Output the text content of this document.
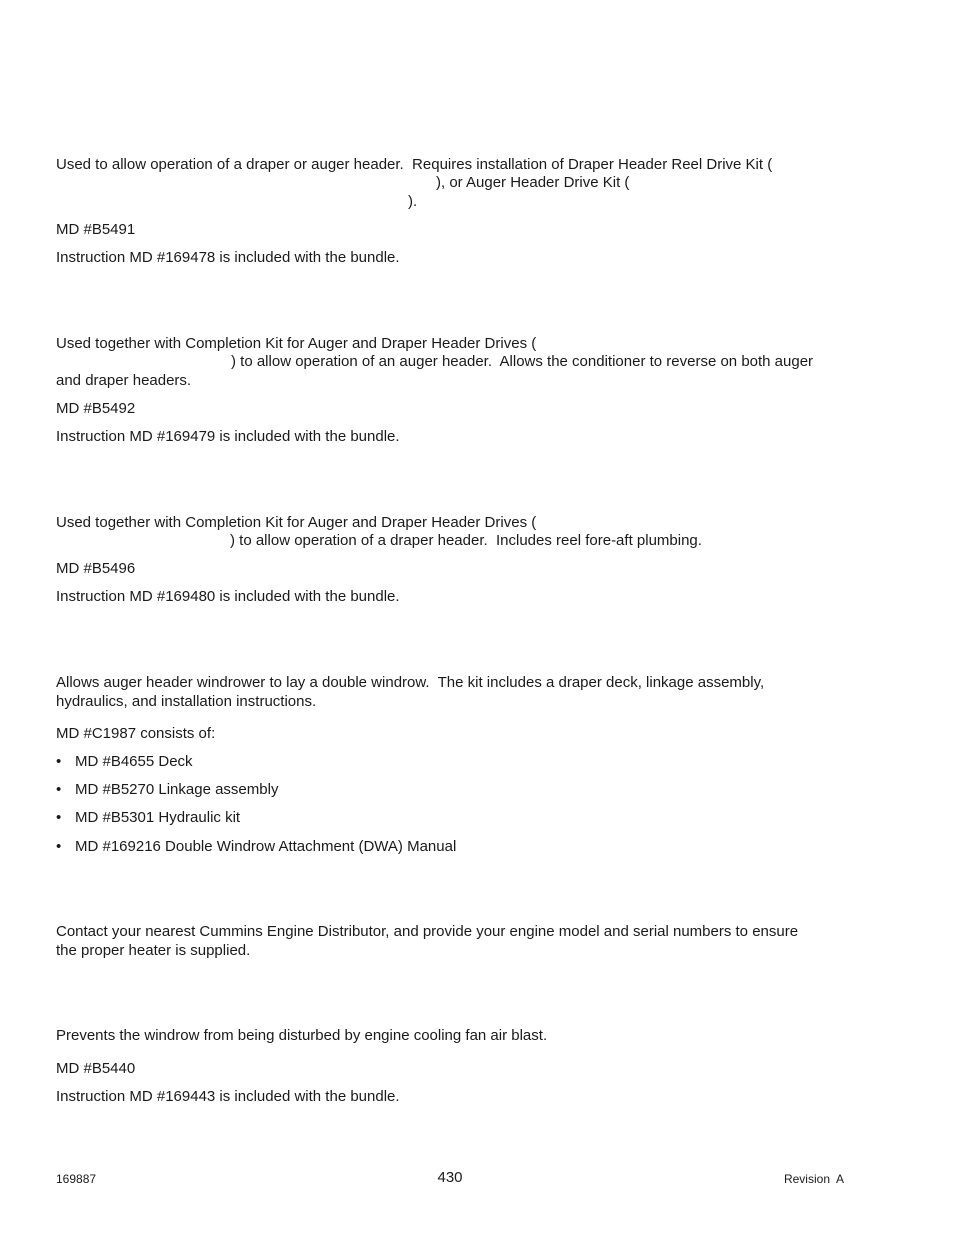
Used to allow operation of a draper or auger header.  Requires installation of Draper Header Reel Drive Kit (
), or Auger Header Drive Kit (
).
MD #B5491
Instruction MD #169478 is included with the bundle.
Used together with Completion Kit for Auger and Draper Header Drives (
) to allow operation of an auger header.  Allows the conditioner to reverse on both auger
and draper headers.
MD #B5492
Instruction MD #169479 is included with the bundle.
Used together with Completion Kit for Auger and Draper Header Drives (
) to allow operation of a draper header.  Includes reel fore-aft plumbing.
MD #B5496
Instruction MD #169480 is included with the bundle.
Allows auger header windrower to lay a double windrow.  The kit includes a draper deck, linkage assembly,
hydraulics, and installation instructions.
MD #C1987 consists of:
• MD #B4655 Deck
• MD #B5270 Linkage assembly
• MD #B5301 Hydraulic kit
• MD #169216 Double Windrow Attachment (DWA) Manual
Contact your nearest Cummins Engine Distributor, and provide your engine model and serial numbers to ensure
the proper heater is supplied.
Prevents the windrow from being disturbed by engine cooling fan air blast.
MD #B5440
Instruction MD #169443 is included with the bundle.
169887	430	Revision  A
